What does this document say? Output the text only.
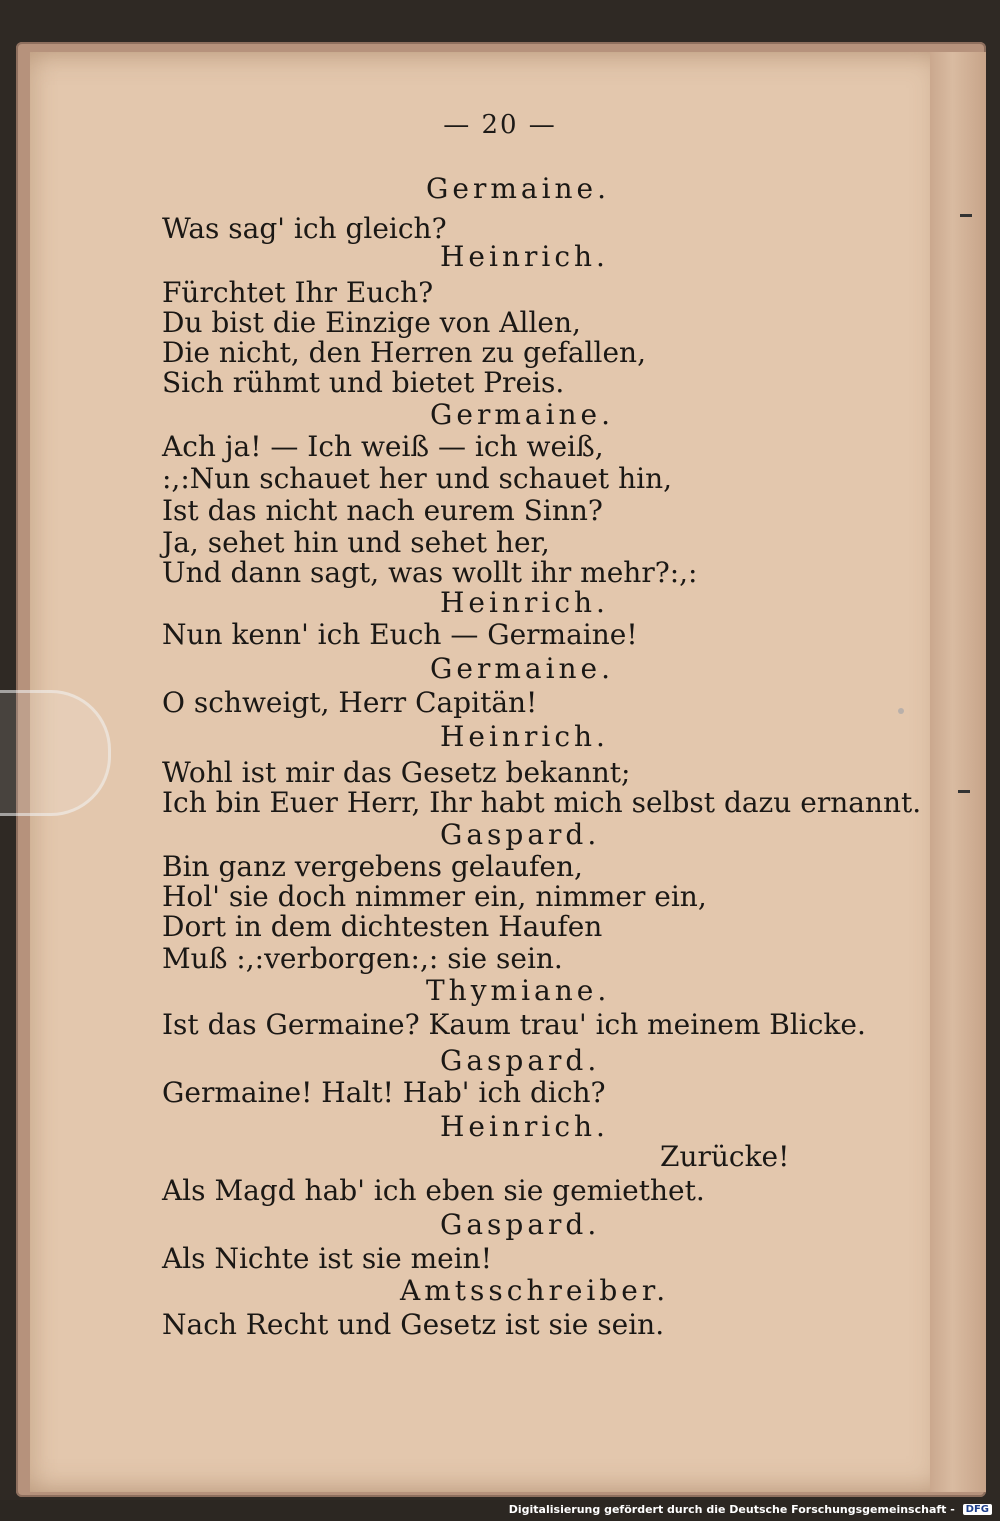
— 20 —
Germaine.
Was sag' ich gleich?
Heinrich.
Fürchtet Ihr Euch?
Du bist die Einzige von Allen,
Die nicht, den Herren zu gefallen,
Sich rühmt und bietet Preis.
Germaine.
Ach ja! — Ich weiß — ich weiß,
:,:Nun schauet her und schauet hin,
Ist das nicht nach eurem Sinn?
Ja, sehet hin und sehet her,
Und dann sagt, was wollt ihr mehr?:,:
Heinrich.
Nun kenn' ich Euch — Germaine!
Germaine.
O schweigt, Herr Capitän!
Heinrich.
Wohl ist mir das Gesetz bekannt;
Ich bin Euer Herr, Ihr habt mich selbst dazu ernannt.
Gaspard.
Bin ganz vergebens gelaufen,
Hol' sie doch nimmer ein, nimmer ein,
Dort in dem dichtesten Haufen
Muß :,:verborgen:,: sie sein.
Thymiane.
Ist das Germaine? Kaum trau' ich meinem Blicke.
Gaspard.
Germaine! Halt! Hab' ich dich?
Heinrich.
Zurücke!
Als Magd hab' ich eben sie gemiethet.
Gaspard.
Als Nichte ist sie mein!
Amtsschreiber.
Nach Recht und Gesetz ist sie sein.
Digitalisierung gefördert durch die Deutsche Forschungsgemeinschaft - DFG
